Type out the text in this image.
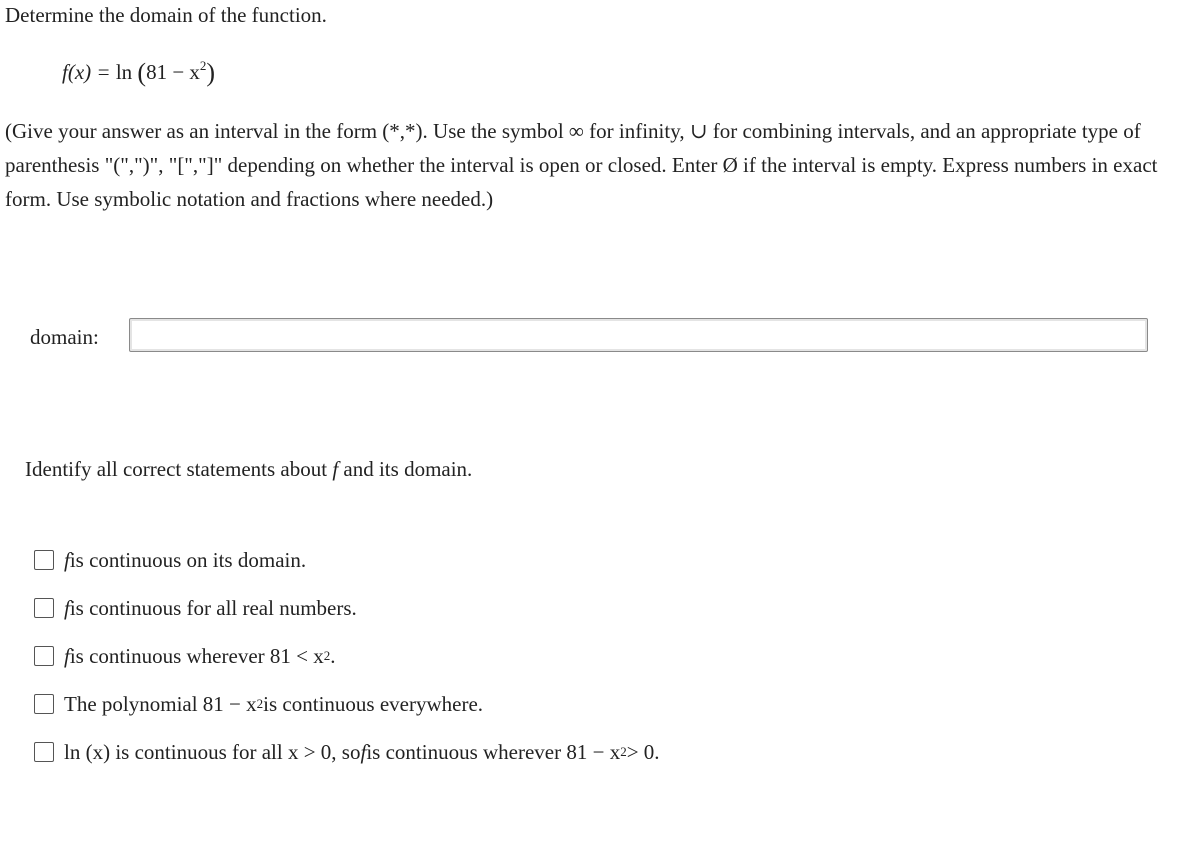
Determine the domain of the function.
$f(x) = \ln (81 - x^2)$

(Give your answer as an interval in the form (*,*). Use the symbol ∞ for infinity, ∪ for combining intervals, and an appropriate type of parenthesis "(",")", "[","]" depending on whether the interval is open or closed. Enter Ø if the interval is empty. Express numbers in exact form. Use symbolic notation and fractions where needed.)

domain:
Identify all correct statements about f and its domain.
f is continuous on its domain.
f is continuous for all real numbers.
f is continuous wherever 81 < x 2 .
The polynomial 81 − x 2 is continuous everywhere.
ln (x) is continuous for all x > 0, so f is continuous wherever 81 − x 2 > 0.
